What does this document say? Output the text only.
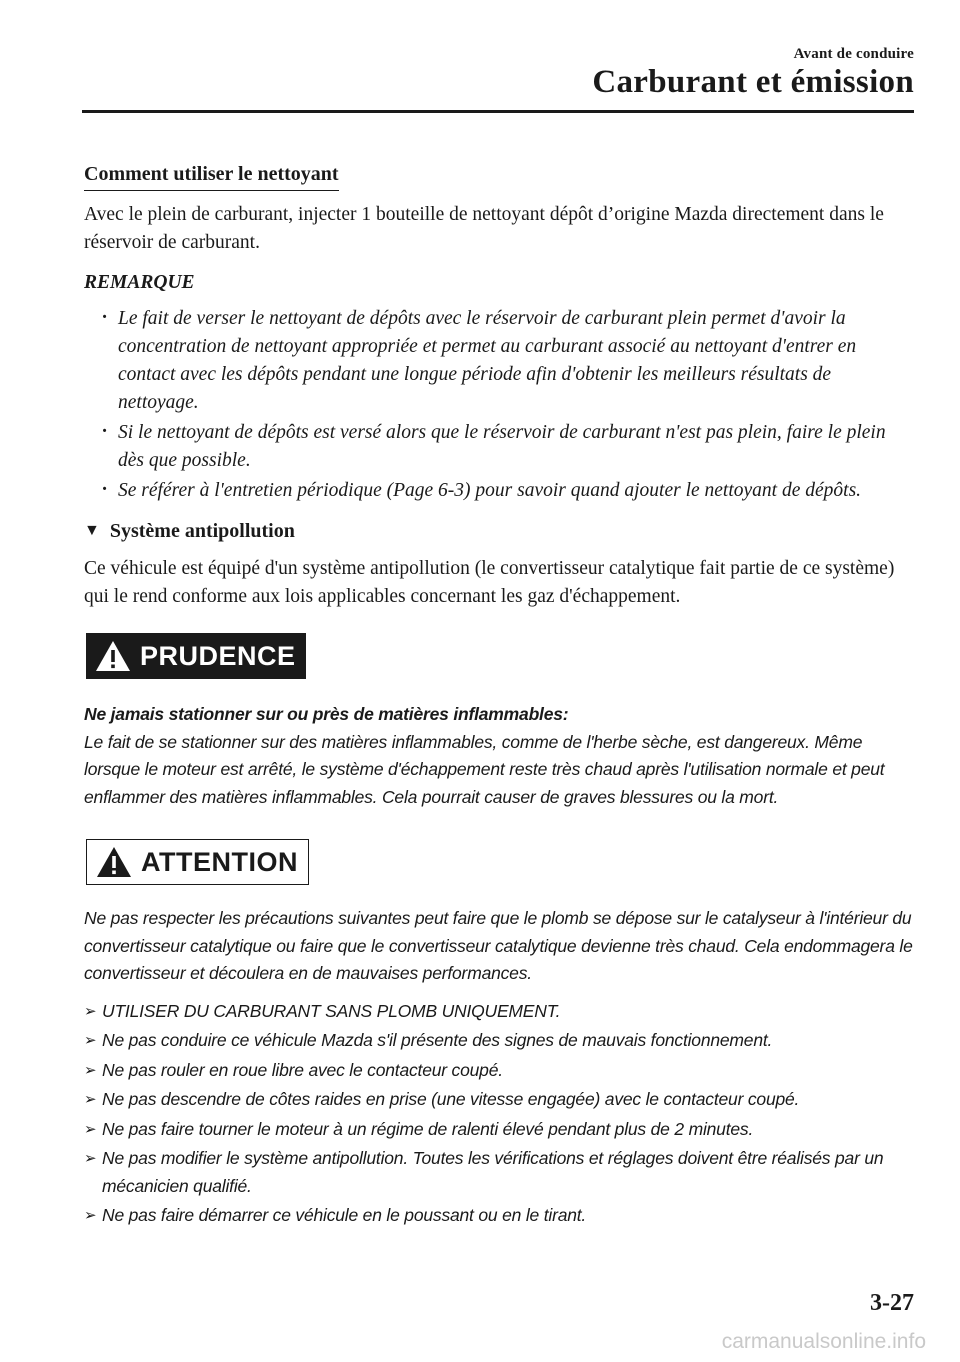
Avant de conduire
Carburant et émission
Comment utiliser le nettoyant

Avec le plein de carburant, injecter 1 bouteille de nettoyant dépôt d’origine Mazda directement dans le réservoir de carburant.

REMARQUE
· Le fait de verser le nettoyant de dépôts avec le réservoir de carburant plein permet d'avoir la concentration de nettoyant appropriée et permet au carburant associé au nettoyant d'entrer en contact avec les dépôts pendant une longue période afin d'obtenir les meilleurs résultats de nettoyage.
· Si le nettoyant de dépôts est versé alors que le réservoir de carburant n'est pas plein, faire le plein dès que possible.
· Se référer à l'entretien périodique (Page 6-3) pour savoir quand ajouter le nettoyant de dépôts.
▼ Système antipollution

Ce véhicule est équipé d'un système antipollution (le convertisseur catalytique fait partie de ce système) qui le rend conforme aux lois applicables concernant les gaz d'échappement.

PRUDENCE
Ne jamais stationner sur ou près de matières inflammables:
Le fait de se stationner sur des matières inflammables, comme de l'herbe sèche, est dangereux. Même lorsque le moteur est arrêté, le système d'échappement reste très chaud après l'utilisation normale et peut enflammer des matières inflammables. Cela pourrait causer de graves blessures ou la mort.
ATTENTION
Ne pas respecter les précautions suivantes peut faire que le plomb se dépose sur le catalyseur à l'intérieur du convertisseur catalytique ou faire que le convertisseur catalytique devienne très chaud. Cela endommagera le convertisseur et découlera en de mauvaises performances.
➢ UTILISER DU CARBURANT SANS PLOMB UNIQUEMENT.
➢ Ne pas conduire ce véhicule Mazda s'il présente des signes de mauvais fonctionnement.
➢ Ne pas rouler en roue libre avec le contacteur coupé.
➢ Ne pas descendre de côtes raides en prise (une vitesse engagée) avec le contacteur coupé.
➢ Ne pas faire tourner le moteur à un régime de ralenti élevé pendant plus de 2 minutes.
➢ Ne pas modifier le système antipollution. Toutes les vérifications et réglages doivent être réalisés par un mécanicien qualifié.
➢ Ne pas faire démarrer ce véhicule en le poussant ou en le tirant.
3-27
carmanualsonline.info
